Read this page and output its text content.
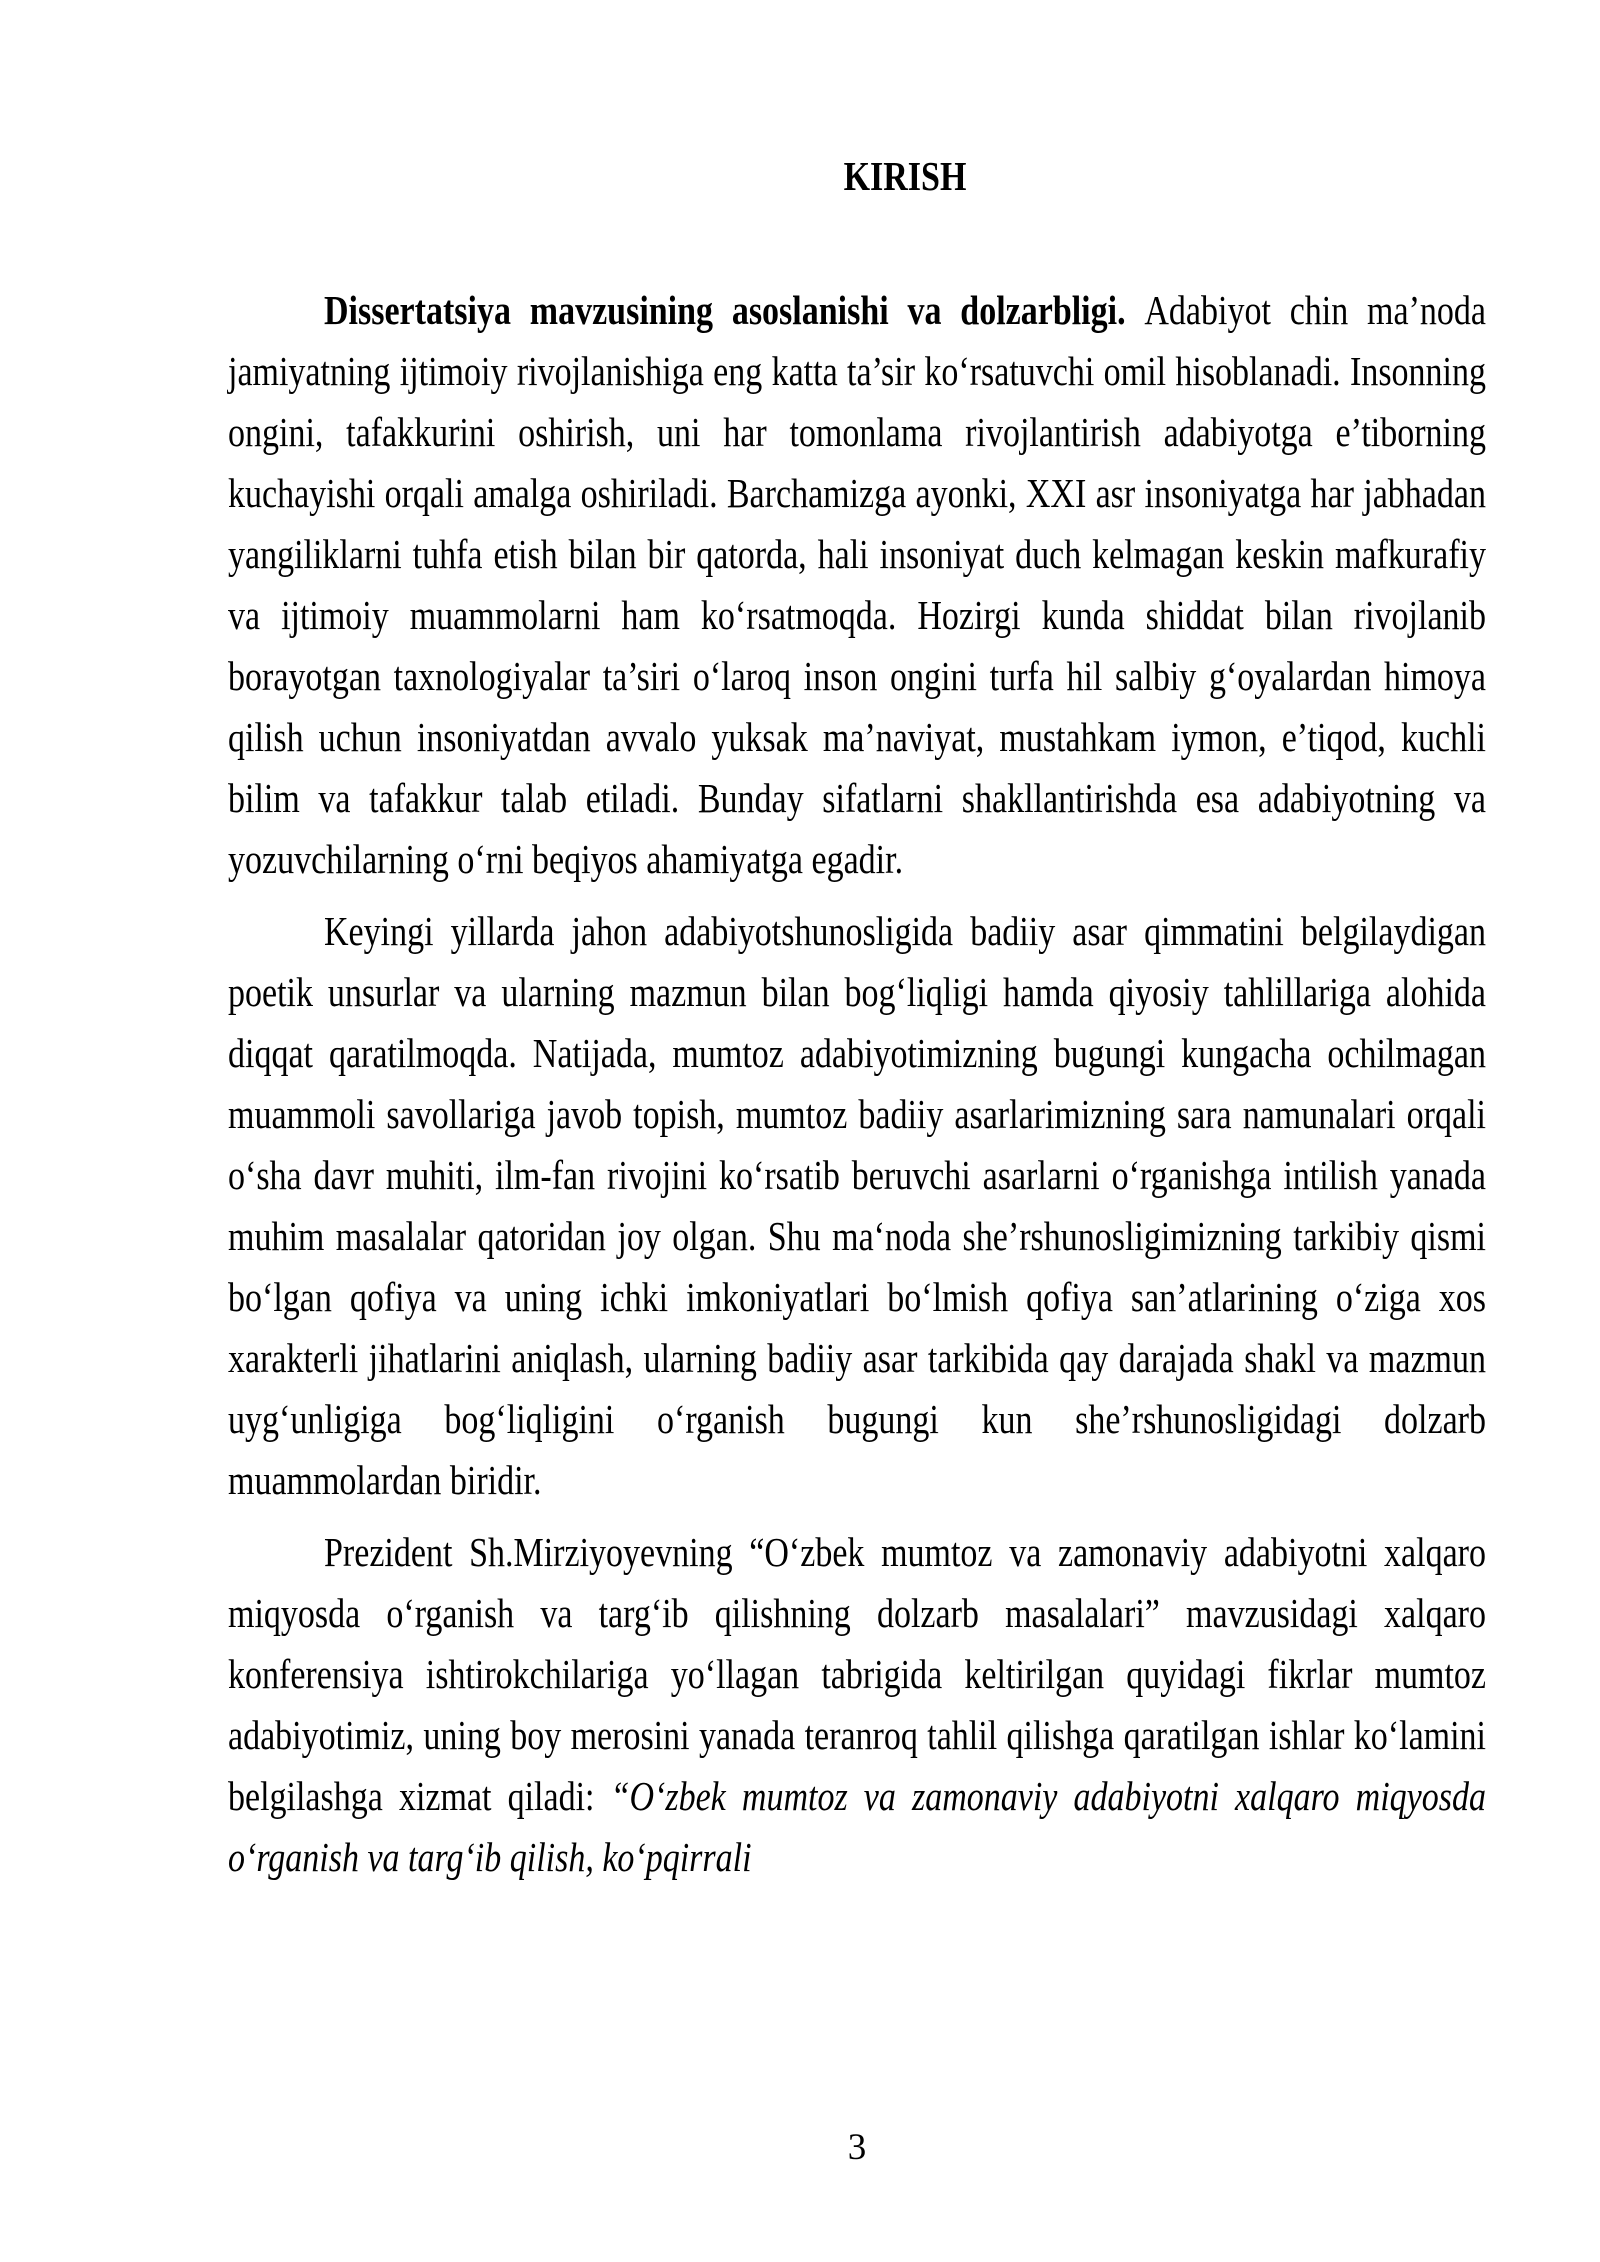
KIRISH

Dissertatsiya mavzusining asoslanishi va dolzarbligi. Adabiyot chin ma’noda jamiyatning ijtimoiy rivojlanishiga eng katta ta’sir koʻrsatuvchi omil hisoblanadi. Insonning ongini, tafakkurini oshirish, uni har tomonlama rivojlantirish adabiyotga e’tiborning kuchayishi orqali amalga oshiriladi. Barchamizga ayonki, XXI asr insoniyatga har jabhadan yangiliklarni tuhfa etish bilan bir qatorda, hali insoniyat duch kelmagan keskin mafkurafiy va ijtimoiy muammolarni ham koʻrsatmoqda. Hozirgi kunda shiddat bilan rivojlanib borayotgan taxnologiyalar ta’siri oʻlaroq inson ongini turfa hil salbiy gʻoyalardan himoya qilish uchun insoniyatdan avvalo yuksak ma’naviyat, mustahkam iymon, e’tiqod, kuchli bilim va tafakkur talab etiladi. Bunday sifatlarni shakllantirishda esa adabiyotning va yozuvchilarning oʻrni beqiyos ahamiyatga egadir.

Keyingi yillarda jahon adabiyotshunosligida badiiy asar qimmatini belgilaydigan poetik unsurlar va ularning mazmun bilan bogʻliqligi hamda qiyosiy tahlillariga alohida diqqat qaratilmoqda. Natijada, mumtoz adabiyotimizning bugungi kungacha ochilmagan muammoli savollariga javob topish, mumtoz badiiy asarlarimizning sara namunalari orqali oʻsha davr muhiti, ilm-fan rivojini koʻrsatib beruvchi asarlarni oʻrganishga intilish yanada muhim masalalar qatoridan joy olgan. Shu maʻnoda she’rshunosligimizning tarkibiy qismi boʻlgan qofiya va uning ichki imkoniyatlari boʻlmish qofiya san’atlarining oʻziga xos xarakterli jihatlarini aniqlash, ularning badiiy asar tarkibida qay darajada shakl va mazmun uygʻunligiga bogʻliqligini oʻrganish bugungi kun she’rshunosligidagi dolzarb muammolardan biridir.

Prezident Sh.Mirziyoyevning “Oʻzbek mumtoz va zamonaviy adabiyotni xalqaro miqyosda oʻrganish va targʻib qilishning dolzarb masalalari” mavzusidagi xalqaro konferensiya ishtirokchilariga yoʻllagan tabrigida keltirilgan quyidagi fikrlar mumtoz adabiyotimiz, uning boy merosini yanada teranroq tahlil qilishga qaratilgan ishlar koʻlamini belgilashga xizmat qiladi: “Oʻzbek mumtoz va zamonaviy adabiyotni xalqaro miqyosda oʻrganish va targʻib qilish, koʻpqirrali

3
